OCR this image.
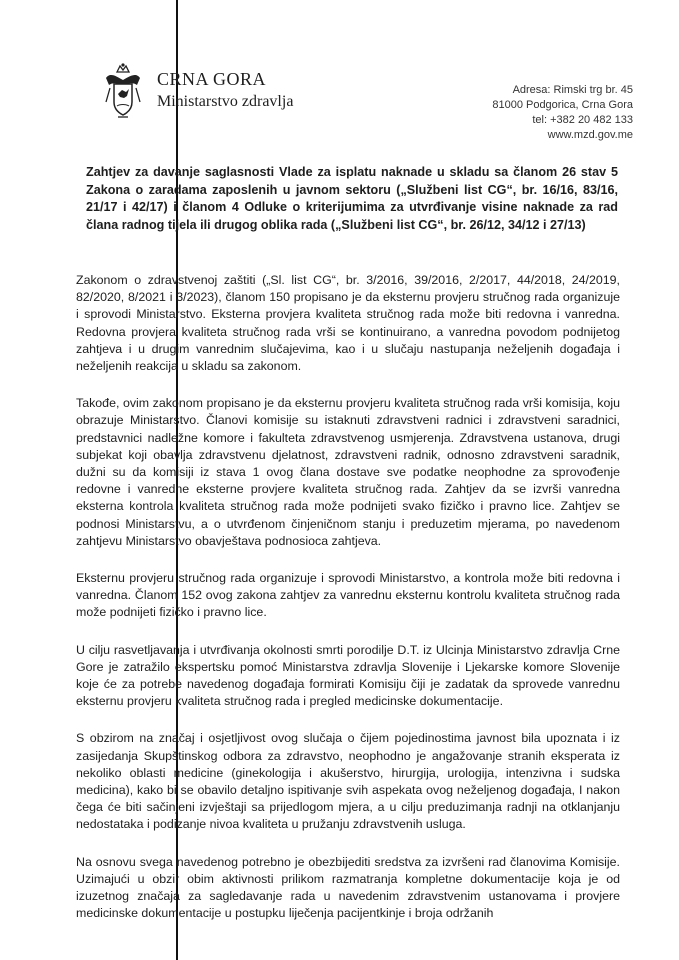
CRNA GORA
Ministarstvo zdravlja
Adresa: Rimski trg br. 45
81000 Podgorica, Crna Gora
tel: +382 20 482 133
www.mzd.gov.me
Zahtjev za davanje saglasnosti Vlade za isplatu naknade u skladu sa članom 26 stav 5 Zakona o zaradama zaposlenih u javnom sektoru („Službeni list CG“, br. 16/16, 83/16, 21/17 i 42/17) i članom 4 Odluke o kriterijumima za utvrđivanje visine naknade za rad člana radnog tijela ili drugog oblika rada („Službeni list CG“, br. 26/12, 34/12 i 27/13)

Zakonom o zdravstvenoj zaštiti („Sl. list CG“, br. 3/2016, 39/2016, 2/2017, 44/2018, 24/2019, 82/2020, 8/2021 i 3/2023), članom 150 propisano je da eksternu provjeru stručnog rada organizuje i sprovodi Ministarstvo. Eksterna provjera kvaliteta stručnog rada može biti redovna i vanredna. Redovna provjera kvaliteta stručnog rada vrši se kontinuirano, a vanredna povodom podnijetog zahtjeva i u drugim vanrednim slučajevima, kao i u slučaju nastupanja neželjenih događaja i neželjenih reakcija u skladu sa zakonom.

Takođe, ovim zakonom propisano je da eksternu provjeru kvaliteta stručnog rada vrši komisija, koju obrazuje Ministarstvo. Članovi komisije su istaknuti zdravstveni radnici i zdravstveni saradnici, predstavnici nadležne komore i fakulteta zdravstvenog usmjerenja. Zdravstvena ustanova, drugi subjekat koji obavlja zdravstvenu djelatnost, zdravstveni radnik, odnosno zdravstveni saradnik, dužni su da komisiji iz stava 1 ovog člana dostave sve podatke neophodne za sprovođenje redovne i vanredne eksterne provjere kvaliteta stručnog rada. Zahtjev da se izvrši vanredna eksterna kontrola kvaliteta stručnog rada može podnijeti svako fizičko i pravno lice. Zahtjev se podnosi Ministarstvu, a o utvrđenom činjeničnom stanju i preduzetim mjerama, po navedenom zahtjevu Ministarstvo obavještava podnosioca zahtjeva.

Eksternu provjeru stručnog rada organizuje i sprovodi Ministarstvo, a kontrola može biti redovna i vanredna. Članom 152 ovog zakona zahtjev za vanrednu eksternu kontrolu kvaliteta stručnog rada može podnijeti fizičko i pravno lice.

U cilju rasvetljavanja i utvrđivanja okolnosti smrti porodilje D.T. iz Ulcinja Ministarstvo zdravlja Crne Gore je zatražilo ekspertsku pomoć Ministarstva zdravlja Slovenije i Ljekarske komore Slovenije koje će za potrebe navedenog događaja formirati Komisiju čiji je zadatak da sprovede vanrednu eksternu provjeru kvaliteta stručnog rada i pregled medicinske dokumentacije.

S obzirom na značaj i osjetljivost ovog slučaja o čijem pojedinostima javnost bila upoznata i iz zasijedanja Skupštinskog odbora za zdravstvo, neophodno je angažovanje stranih eksperata iz nekoliko oblasti medicine (ginekologija i akušerstvo, hirurgija, urologija, intenzivna i sudska medicina), kako bi se obavilo detaljno ispitivanje svih aspekata ovog neželjenog događaja, I nakon čega će biti sačinjeni izvještaji sa prijedlogom mjera, a u cilju preduzimanja radnji na otklanjanju nedostataka i podizanje nivoa kvaliteta u pružanju zdravstvenih usluga.

Na osnovu svega navedenog potrebno je obezbijediti sredstva za izvršeni rad članovima Komisije. Uzimajući u obzir obim aktivnosti prilikom razmatranja kompletne dokumentacije koja je od izuzetnog značaja za sagledavanje rada u navedenim zdravstvenim ustanovama i provjere medicinske dokumentacije u postupku liječenja pacijentkinje i broja održanih
